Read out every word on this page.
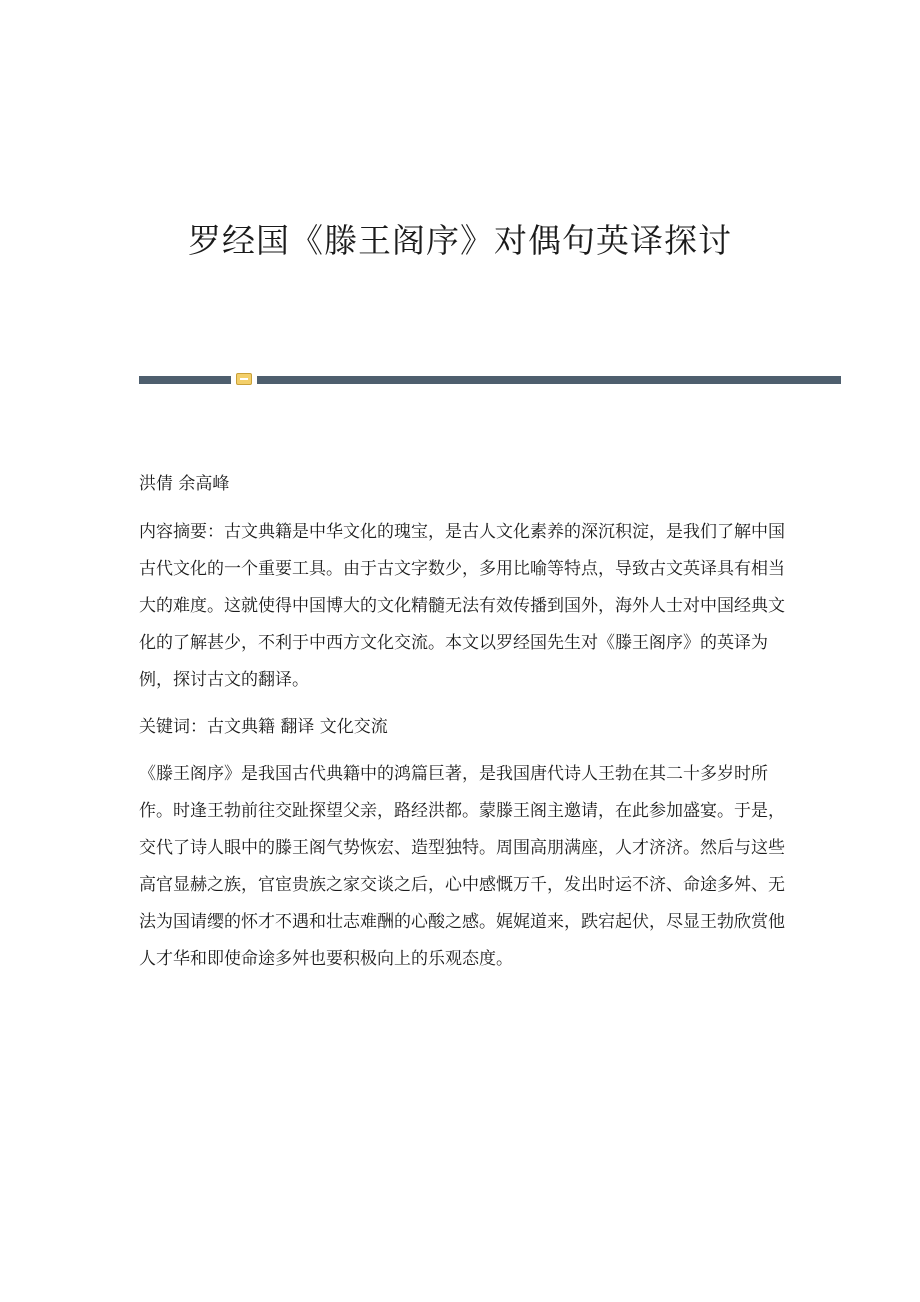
罗经国《滕王阁序》对偶句英译探讨

洪倩 余高峰

内容摘要：古文典籍是中华文化的瑰宝，是古人文化素养的深沉积淀，是我们了解中国古代文化的一个重要工具。由于古文字数少，多用比喻等特点，导致古文英译具有相当大的难度。这就使得中国博大的文化精髓无法有效传播到国外，海外人士对中国经典文化的了解甚少，不利于中西方文化交流。本文以罗经国先生对《滕王阁序》的英译为例，探讨古文的翻译。

关键词：古文典籍 翻译 文化交流

《滕王阁序》是我国古代典籍中的鸿篇巨著，是我国唐代诗人王勃在其二十多岁时所作。时逢王勃前往交趾探望父亲，路经洪都。蒙滕王阁主邀请，在此参加盛宴。于是，交代了诗人眼中的滕王阁气势恢宏、造型独特。周围高朋满座，人才济济。然后与这些高官显赫之族，官宦贵族之家交谈之后，心中感慨万千，发出时运不济、命途多舛、无法为国请缨的怀才不遇和壮志难酬的心酸之感。娓娓道来，跌宕起伏，尽显王勃欣赏他人才华和即使命途多舛也要积极向上的乐观态度。
